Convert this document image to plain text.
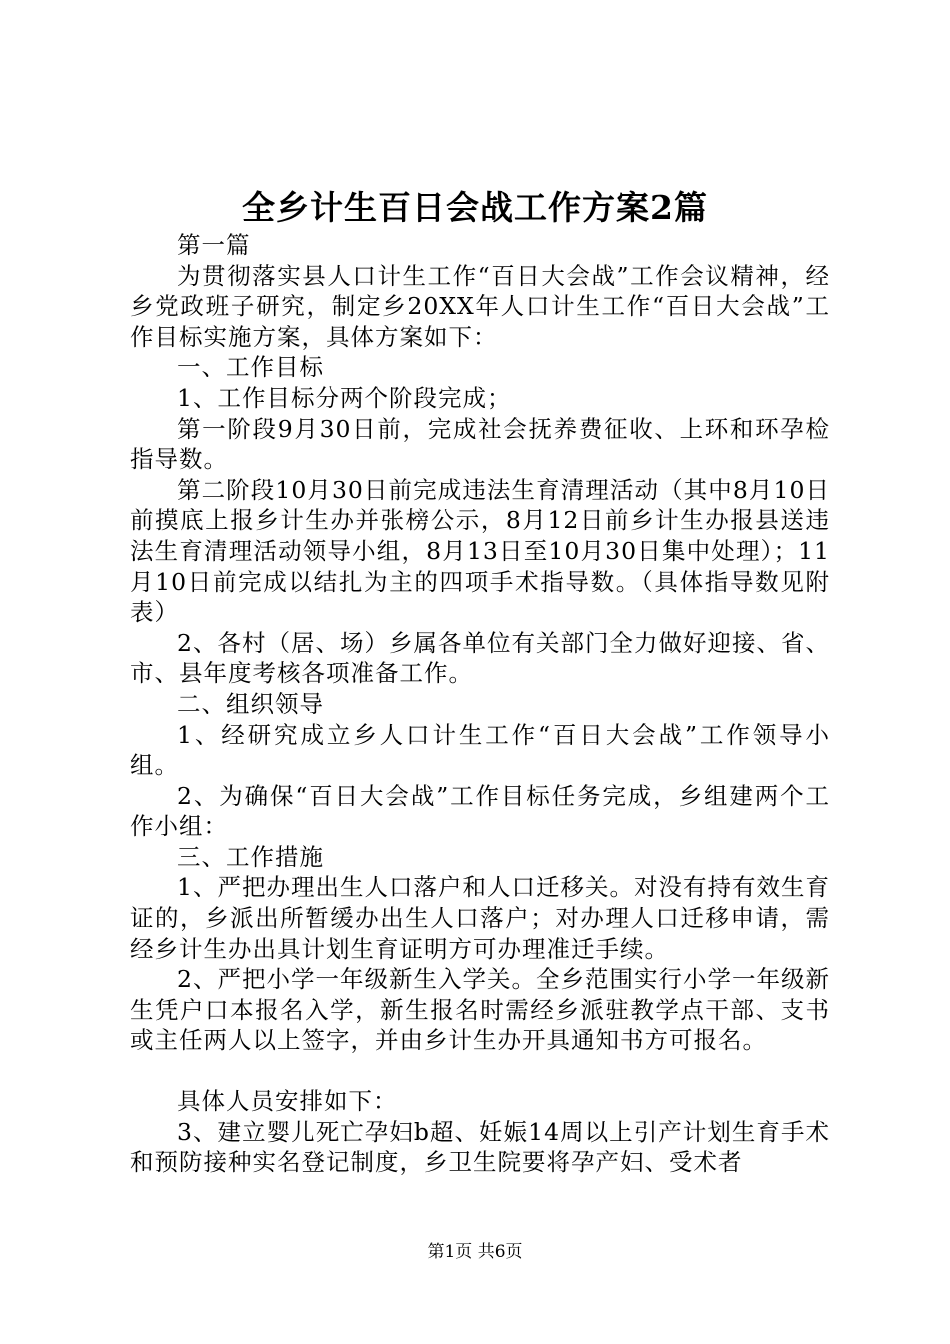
全乡计生百日会战工作方案2篇

第一篇

为贯彻落实县人口计生工作“百日大会战”工作会议精神，经乡党政班子研究，制定乡20XX年人口计生工作“百日大会战”工作目标实施方案，具体方案如下：

一、工作目标

1、工作目标分两个阶段完成；

第一阶段9月30日前，完成社会抚养费征收、上环和环孕检指导数。

第二阶段10月30日前完成违法生育清理活动（其中8月10日前摸底上报乡计生办并张榜公示，8月12日前乡计生办报县送违法生育清理活动领导小组，8月13日至10月30日集中处理）；11月10日前完成以结扎为主的四项手术指导数。（具体指导数见附表）

2、各村（居、场）乡属各单位有关部门全力做好迎接、省、市、县年度考核各项准备工作。

二、组织领导

1、经研究成立乡人口计生工作“百日大会战”工作领导小组。

2、为确保“百日大会战”工作目标任务完成，乡组建两个工作小组：

三、工作措施

1、严把办理出生人口落户和人口迁移关。对没有持有效生育证的，乡派出所暂缓办出生人口落户；对办理人口迁移申请，需经乡计生办出具计划生育证明方可办理准迁手续。

2、严把小学一年级新生入学关。全乡范围实行小学一年级新生凭户口本报名入学，新生报名时需经乡派驻教学点干部、支书或主任两人以上签字，并由乡计生办开具通知书方可报名。

具体人员安排如下：

3、建立婴儿死亡孕妇b超、妊娠14周以上引产计划生育手术和预防接种实名登记制度，乡卫生院要将孕产妇、受术者

第1页 共6页
